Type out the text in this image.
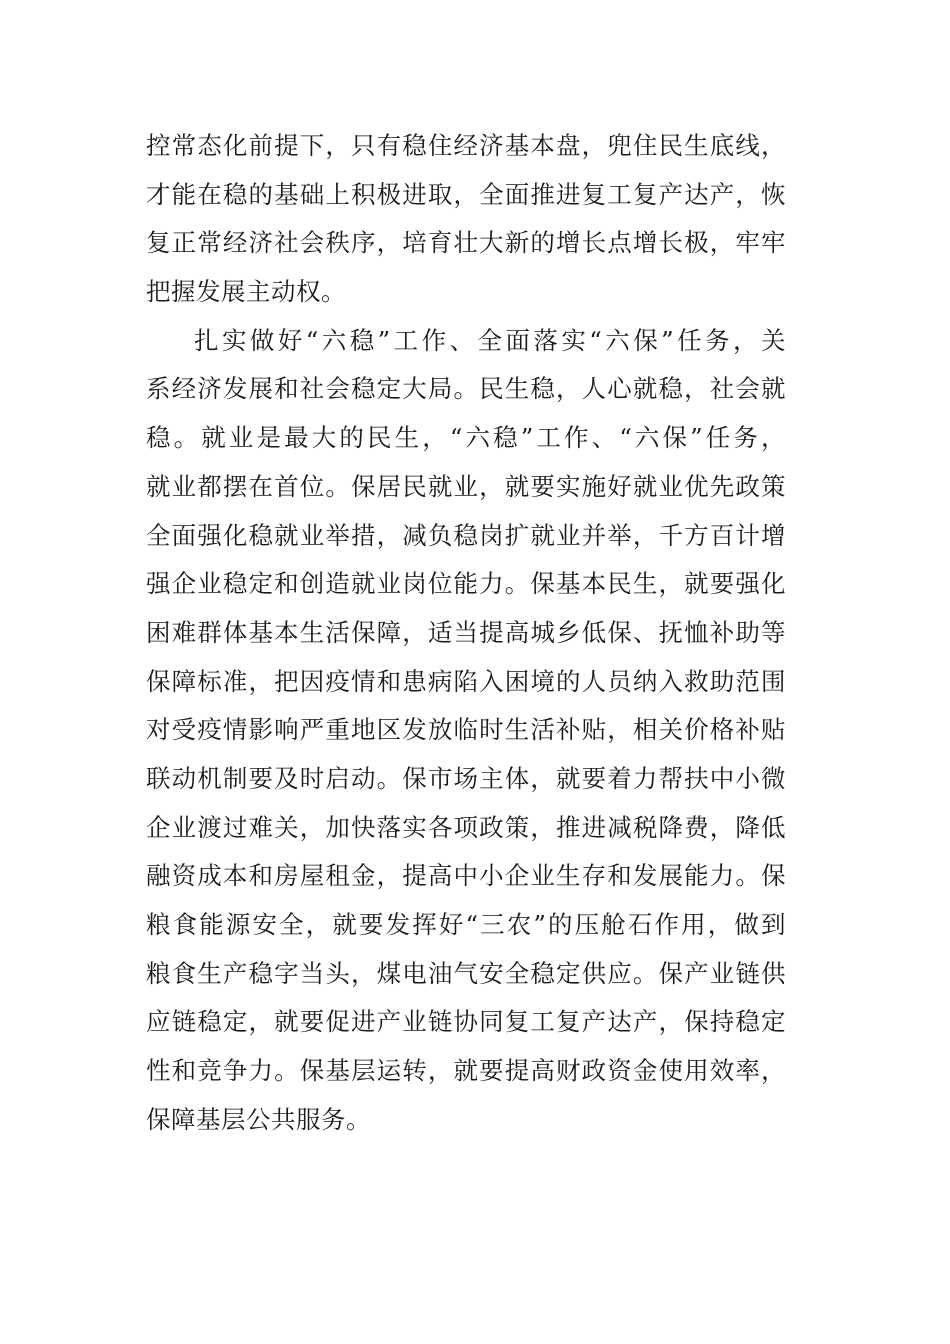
控常态化前提下，只有稳住经济基本盘，兜住民生底线，
才能在稳的基础上积极进取，全面推进复工复产达产，恢
复正常经济社会秩序，培育壮大新的增长点增长极，牢牢
把握发展主动权。
扎实做好“六稳”工作、全面落实“六保”任务，关
系经济发展和社会稳定大局。民生稳，人心就稳，社会就
稳。就业是最大的民生，“六稳”工作、“六保”任务，
就业都摆在首位。保居民就业，就要实施好就业优先政策
全面强化稳就业举措，减负稳岗扩就业并举，千方百计增
强企业稳定和创造就业岗位能力。保基本民生，就要强化
困难群体基本生活保障，适当提高城乡低保、抚恤补助等
保障标准，把因疫情和患病陷入困境的人员纳入救助范围
对受疫情影响严重地区发放临时生活补贴，相关价格补贴
联动机制要及时启动。保市场主体，就要着力帮扶中小微
企业渡过难关，加快落实各项政策，推进减税降费，降低
融资成本和房屋租金，提高中小企业生存和发展能力。保
粮食能源安全，就要发挥好“三农”的压舱石作用，做到
粮食生产稳字当头，煤电油气安全稳定供应。保产业链供
应链稳定，就要促进产业链协同复工复产达产，保持稳定
性和竞争力。保基层运转，就要提高财政资金使用效率，
保障基层公共服务。
